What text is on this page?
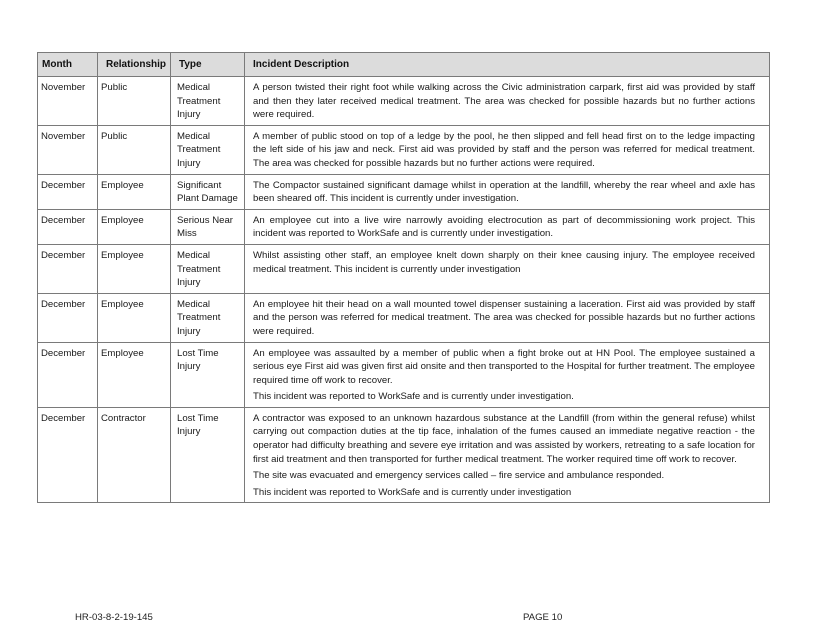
Month	Relationship	Type	Incident Description
November	Public	Medical Treatment Injury	A person twisted their right foot while walking across the Civic administration carpark, first aid was provided by staff and then they later received medical treatment. The area was checked for possible hazards but no further actions were required.

November	Public	Medical Treatment Injury	A member of public stood on top of a ledge by the pool, he then slipped and fell head first on to the ledge impacting the left side of his jaw and neck. First aid was provided by staff and the person was referred for medical treatment. The area was checked for possible hazards but no further actions were required.

December	Employee	Significant Plant Damage	The Compactor sustained significant damage whilst in operation at the landfill, whereby the rear wheel and axle has been sheared off. This incident is currently under investigation.

December	Employee	Serious Near Miss	An employee cut into a live wire narrowly avoiding electrocution as part of decommissioning work project. This incident was reported to WorkSafe and is currently under investigation.

December	Employee	Medical Treatment Injury	Whilst assisting other staff, an employee knelt down sharply on their knee causing injury. The employee received medical treatment. This incident is currently under investigation

December	Employee	Medical Treatment Injury	An employee hit their head on a wall mounted towel dispenser sustaining a laceration. First aid was provided by staff and the person was referred for medical treatment. The area was checked for possible hazards but no further actions were required.

December	Employee	Lost Time Injury	An employee was assaulted by a member of public when a fight broke out at HN Pool. The employee sustained a serious eye First aid was given first aid onsite and then transported to the Hospital for further treatment. The employee required time off work to recover.

This incident was reported to WorkSafe and is currently under investigation.

December	Contractor	Lost Time Injury	A contractor was exposed to an unknown hazardous substance at the Landfill (from within the general refuse) whilst carrying out compaction duties at the tip face, inhalation of the fumes caused an immediate negative reaction - the operator had difficulty breathing and severe eye irritation and was assisted by workers, retreating to a safe location for first aid treatment and then transported for further medical treatment. The worker required time off work to recover.

The site was evacuated and emergency services called – fire service and ambulance responded.

This incident was reported to WorkSafe and is currently under investigation

HR-03-8-2-19-145	PAGE 10
